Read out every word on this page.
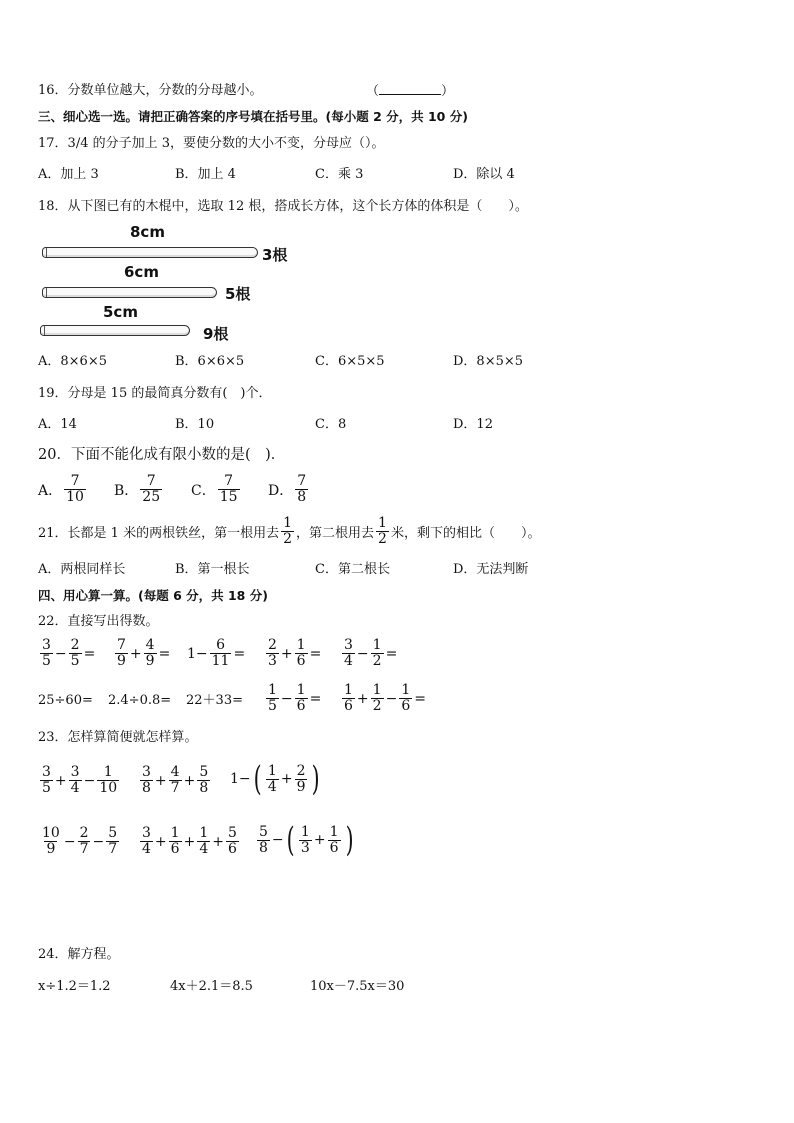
16．分数单位越大，分数的分母越小。	（	）
三、细心选一选。请把正确答案的序号填在括号里。(每小题 2 分，共 10 分)
17．3/4 的分子加上 3，要使分数的大小不变，分母应（）。
A．加上 3	B．加上 4	C．乘 3	D．除以 4
18．从下图已有的木棍中，选取 12 根，搭成长方体，这个长方体的体积是（　　）。
8cm
3根
6cm
5根
5cm
9根
A．8×6×5	B．6×6×5	C．6×5×5	D．8×5×5
19．分母是 15 的最简真分数有(　)个．
A．14	B．10	C．8	D．12
20．下面不能化成有限小数的是(　)．
A． $\frac{7}{10}$ B． $\frac{7}{25}$ C． $\frac{7}{15}$ D． $\frac{7}{8}$
21．长都是 1 米的两根铁丝，第一根用去 $\frac{1}{2}$ ，第二根用去 $\frac{1}{2}$ 米，剩下的相比（　　）。
A．两根同样长	B．第一根长	C．第二根长	D．无法判断
四、用心算一算。(每题 6 分，共 18 分)
22．直接写出得数。
$\frac{3}{5} - \frac{2}{5} = \frac{7}{9} + \frac{4}{9} = 1- \frac{6}{11} = \frac{2}{3} + \frac{1}{6} = \frac{3}{4} - \frac{1}{2}$ =
$25\div 60= 2.4\div 0.8= 22+33= \frac{1}{5} - \frac{1}{6} = \frac{1}{6} + \frac{1}{2} - \frac{1}{6}$ =
23．怎样算简便就怎样算。
$\frac{3}{5} + \frac{3}{4} - \frac{1}{10} \frac{3}{8} + \frac{4}{7} + \frac{5}{8} 1-$ ( $\frac{1}{4} + \frac{2}{9}$ )
$\frac{10}{9} - \frac{2}{7} - \frac{5}{7} \frac{3}{4} + \frac{1}{6} + \frac{1}{4} + \frac{5}{6} \frac{5}{8}$ − ( $\frac{1}{3} + \frac{1}{6}$ )
24．解方程。
x÷1.2＝1.2	4x＋2.1＝8.5	10x－7.5x＝30
